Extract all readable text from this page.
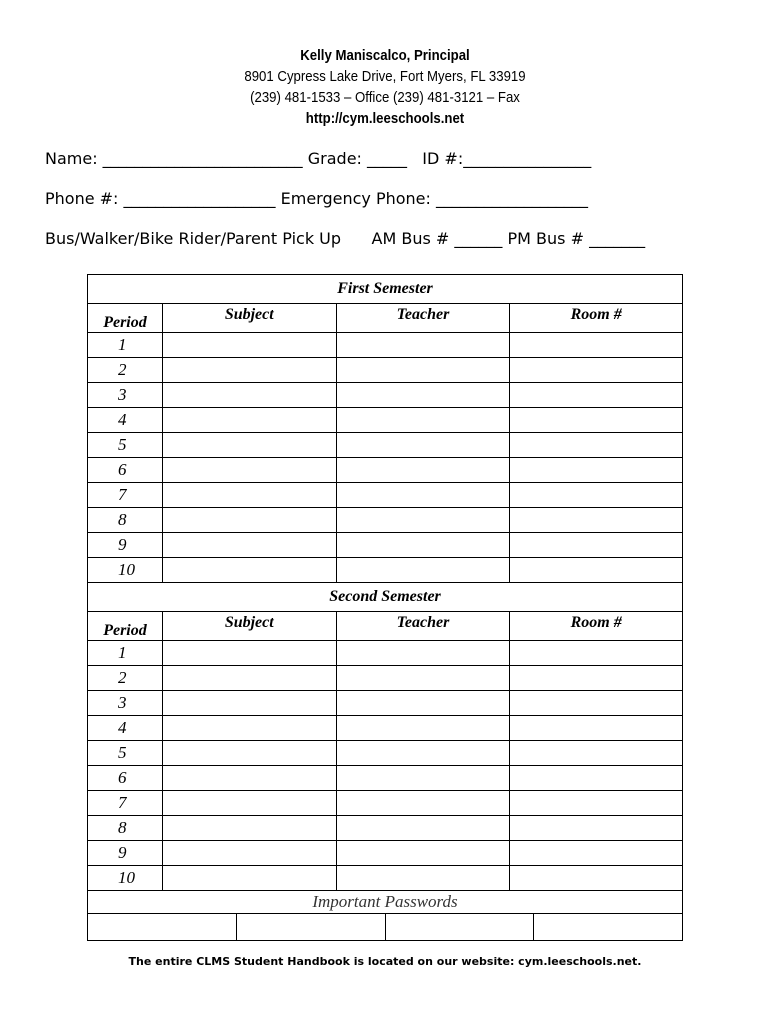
Kelly Maniscalco, Principal
8901 Cypress Lake Drive, Fort Myers, FL 33919
(239) 481-1533 – Office (239) 481-3121 – Fax
http://cym.leeschools.net
Name: _________________________ Grade: _____   ID #:________________
Phone #: ___________________ Emergency Phone: ___________________
Bus/Walker/Bike Rider/Parent Pick Up      AM Bus # ______ PM Bus # _______
First Semester			
Period	Subject	Teacher	Room #
1			
2			
3			
4			
5			
6			
7			
8			
9			
10			
Second Semester			
Period	Subject	Teacher	Room #
1			
2			
3			
4			
5			
6			
7			
8			
9			
10			
Important Passwords			

The entire CLMS Student Handbook is located on our website: cym.leeschools.net.
